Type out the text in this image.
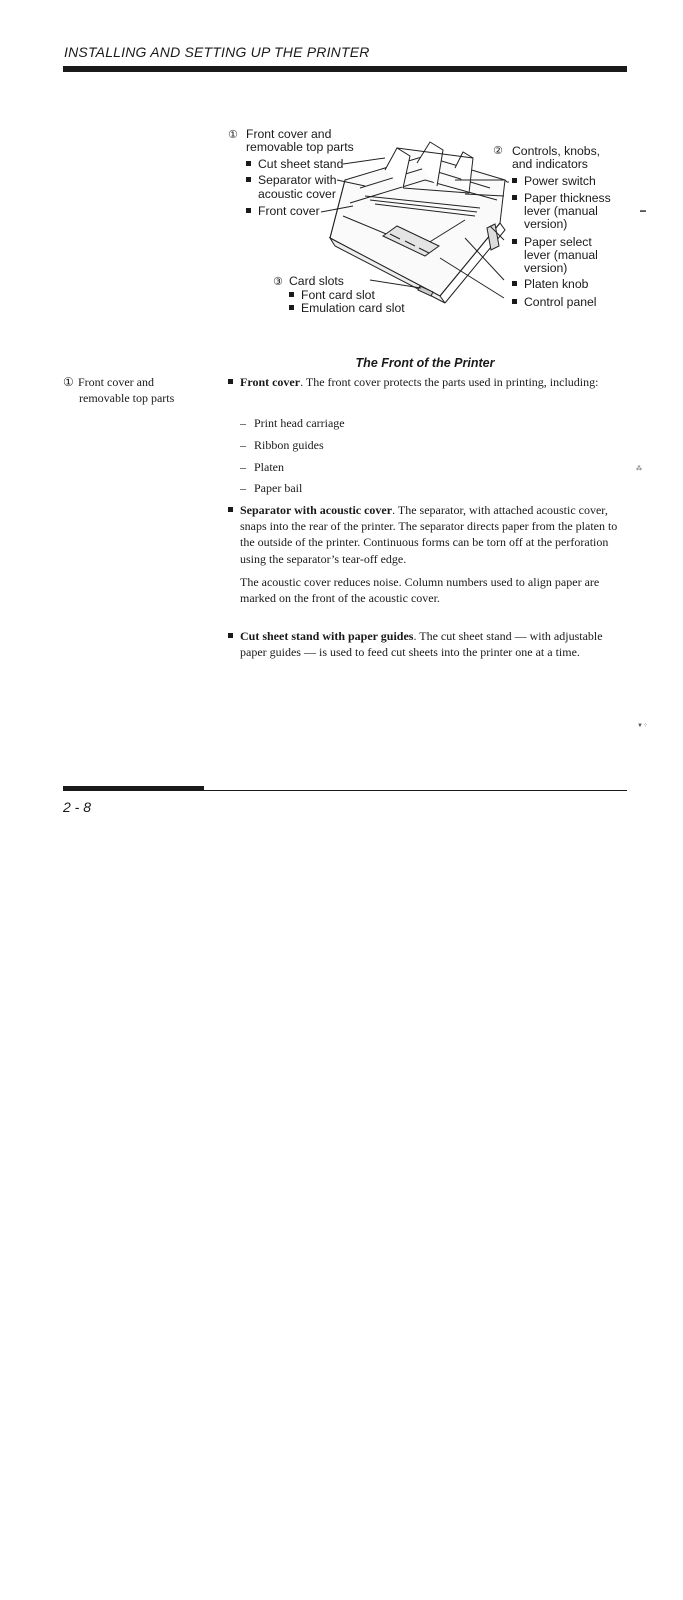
INSTALLING AND SETTING UP THE PRINTER
① Front cover and
removable top parts
Cut sheet stand
Separator with
acoustic cover
Front cover
② Controls, knobs,
and indicators
Power switch
Paper thickness
lever (manual
version)
Paper select
lever (manual
version)
Platen knob
Control panel
③ Card slots
Font card slot
Emulation card slot
The Front of the Printer
① Front cover and
removable top parts
Front cover. The front cover protects the parts used in printing, including:
– Print head carriage
– Ribbon guides
– Platen
– Paper bail
Separator with acoustic cover. The separator, with attached acoustic cover, snaps into the rear of the printer. The separator directs paper from the platen to the outside of the printer. Continuous forms can be torn off at the perforation using the separator’s tear-off edge.
The acoustic cover reduces noise. Column numbers used to align paper are marked on the front of the acoustic cover.
Cut sheet stand with paper guides. The cut sheet stand — with adjustable paper guides — is used to feed cut sheets into the printer one at a time.
▬
⁂
▼⁘
2 - 8
